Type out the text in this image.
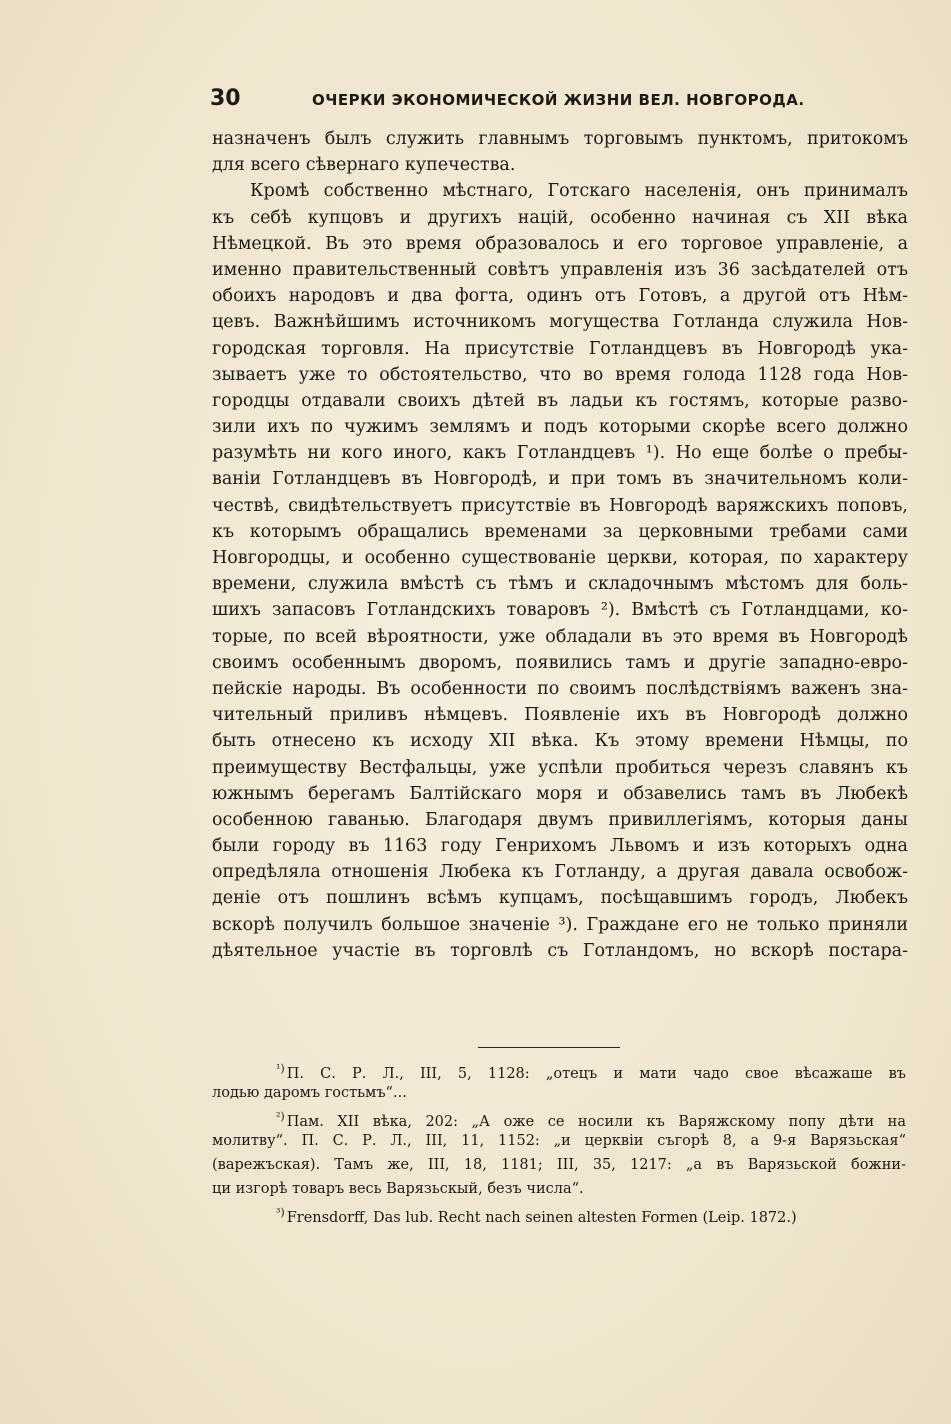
30	ОЧЕРКИ ЭКОНОМИЧЕСКОЙ ЖИЗНИ ВЕЛ. НОВГОРОДА.
назначенъ былъ служить главнымъ торговымъ пунктомъ, притокомъ
для всего сѣвернаго купечества.
Кромѣ собственно мѣстнаго, Готскаго населенія, онъ принималъ
къ себѣ купцовъ и другихъ націй, особенно начиная съ XII вѣка
Нѣмецкой. Въ это время образовалось и его торговое управленіе, а
именно правительственный совѣтъ управленія изъ 36 засѣдателей отъ
обоихъ народовъ и два фогта, одинъ отъ Готовъ, а другой отъ Нѣм-
цевъ. Важнѣйшимъ источникомъ могущества Готланда служила Нов-
городская торговля. На присутствіе Готландцевъ въ Новгородѣ ука-
зываетъ уже то обстоятельство, что во время голода 1128 года Нов-
городцы отдавали своихъ дѣтей въ ладьи къ гостямъ, которые разво-
зили ихъ по чужимъ землямъ и подъ которыми скорѣе всего должно
разумѣть ни кого иного, какъ Готландцевъ ¹). Но еще болѣе о пребы-
ваніи Готландцевъ въ Новгородѣ, и при томъ въ значительномъ коли-
чествѣ, свидѣтельствуетъ присутствіе въ Новгородѣ варяжскихъ поповъ,
къ которымъ обращались временами за церковными требами сами
Новгородцы, и особенно существованіе церкви, которая, по характеру
времени, служила вмѣстѣ съ тѣмъ и складочнымъ мѣстомъ для боль-
шихъ запасовъ Готландскихъ товаровъ ²). Вмѣстѣ съ Готландцами, ко-
торые, по всей вѣроятности, уже обладали въ это время въ Новгородѣ
своимъ особеннымъ дворомъ, появились тамъ и другіе западно-евро-
пейскіе народы. Въ особенности по своимъ послѣдствіямъ важенъ зна-
чительный приливъ нѣмцевъ. Появленіе ихъ въ Новгородѣ должно
быть отнесено къ исходу XII вѣка. Къ этому времени Нѣмцы, по
преимуществу Вестфальцы, уже успѣли пробиться черезъ славянъ къ
южнымъ берегамъ Балтійскаго моря и обзавелись тамъ въ Любекѣ
особенною гаванью. Благодаря двумъ привиллегіямъ, которыя даны
были городу въ 1163 году Генрихомъ Львомъ и изъ которыхъ одна
опредѣляла отношенія Любека къ Готланду, а другая давала освобож-
деніе отъ пошлинъ всѣмъ купцамъ, посѣщавшимъ городъ, Любекъ
вскорѣ получилъ большое значеніе ³). Граждане его не только приняли
дѣятельное участіе въ торговлѣ съ Готландомъ, но вскорѣ постара-
$^{^1)}$ П. С. Р. Л., III, 5, 1128: „отецъ и мати чадо свое вѣсажаше въ
лодью даромъ гостьмъ“...
$^{^2)}$ Пам. XII вѣка, 202: „А оже се носили къ Варяжскому попу дѣти на
молитву“. П. С. Р. Л., III, 11, 1152: „и церквiи съгорѣ 8, а 9-я Варязьская“
(варежъская). Тамъ же, III, 18, 1181; III, 35, 1217: „а въ Варязьской божни-
ци изгорѣ товаръ весь Варязьскый, безъ числа“.
$^{^3)}$ Frensdorff, Das lub. Recht nach seinen altesten Formen (Leip. 1872.)
